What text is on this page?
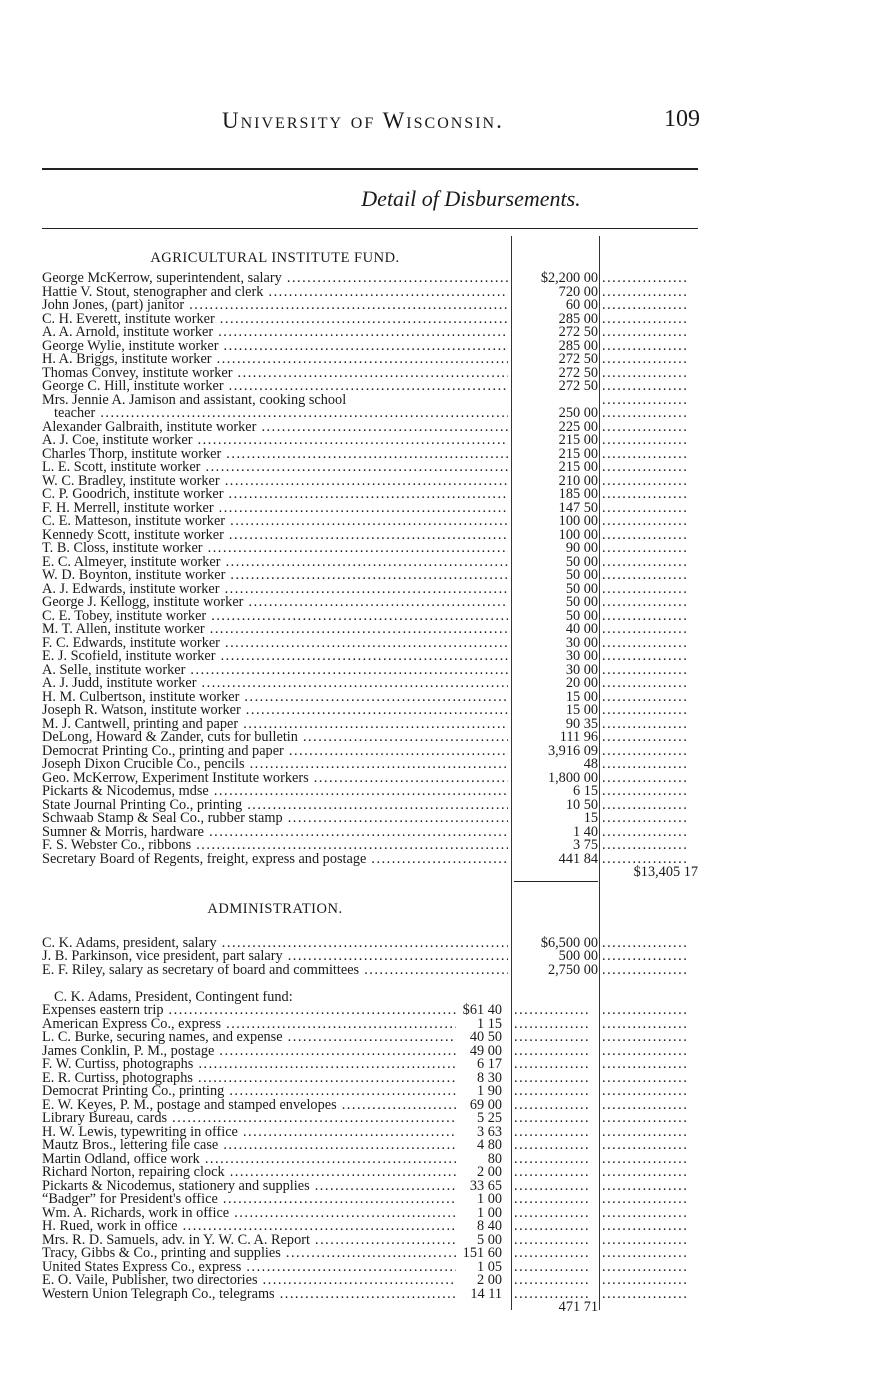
University of Wisconsin.	109
Detail of Disbursements.
AGRICULTURAL INSTITUTE FUND.
George McKerrow, superintendent, salary .....	$2,200 00 .................
Hattie V. Stout, stenographer and clerk .....	720 00 .................
John Jones, (part) janitor .....	60 00 .................
C. H. Everett, institute worker .....	285 00 .................
A. A. Arnold, institute worker .....	272 50 .................
George Wylie, institute worker .....	285 00 .................
H. A. Briggs, institute worker .....	272 50 .................
Thomas Convey, institute worker .....	272 50 .................
George C. Hill, institute worker .....	272 50 .................
Mrs. Jennie A. Jamison and assistant, cooking school	.................
teacher .....	250 00 .................
Alexander Galbraith, institute worker .....	225 00 .................
A. J. Coe, institute worker .....	215 00 .................
Charles Thorp, institute worker .....	215 00 .................
L. E. Scott, institute worker .....	215 00 .................
W. C. Bradley, institute worker .....	210 00 .................
C. P. Goodrich, institute worker .....	185 00 .................
F. H. Merrell, institute worker .....	147 50 .................
C. E. Matteson, institute worker .....	100 00 .................
Kennedy Scott, institute worker .....	100 00 .................
T. B. Closs, institute worker .....	90 00 .................
E. C. Almeyer, institute worker .....	50 00 .................
W. D. Boynton, institute worker .....	50 00 .................
A. J. Edwards, institute worker .....	50 00 .................
George J. Kellogg, institute worker .....	50 00 .................
C. E. Tobey, institute worker .....	50 00 .................
M. T. Allen, institute worker .....	40 00 .................
F. C. Edwards, institute worker .....	30 00 .................
E. J. Scofield, institute worker .....	30 00 .................
A. Selle, institute worker .....	30 00 .................
A. J. Judd, institute worker .....	20 00 .................
H. M. Culbertson, institute worker .....	15 00 .................
Joseph R. Watson, institute worker .....	15 00 .................
M. J. Cantwell, printing and paper .....	90 35 .................
DeLong, Howard & Zander, cuts for bulletin .....	111 96 .................
Democrat Printing Co., printing and paper .....	3,916 09 .................
Joseph Dixon Crucible Co., pencils .....	48 .................
Geo. McKerrow, Experiment Institute workers .....	1,800 00 .................
Pickarts & Nicodemus, mdse .....	6 15 .................
State Journal Printing Co., printing .....	10 50 .................
Schwaab Stamp & Seal Co., rubber stamp .....	15 .................
Sumner & Morris, hardware .....	1 40 .................
F. S. Webster Co., ribbons .....	3 75 .................
Secretary Board of Regents, freight, express and postage .....	441 84 .................
$13,405 17
ADMINISTRATION.
C. K. Adams, president, salary .....	$6,500 00 .................
J. B. Parkinson, vice president, part salary .....	500 00 .................
E. F. Riley, salary as secretary of board and committees .....	2,750 00 .................
C. K. Adams, President, Contingent fund:
Expenses eastern trip .....	$61 40 ............... .................
American Express Co., express .....	1 15 ............... .................
L. C. Burke, securing names, and expense .....	40 50 ............... .................
James Conklin, P. M., postage .....	49 00 ............... .................
F. W. Curtiss, photographs .....	6 17 ............... .................
E. R. Curtiss, photographs .....	8 30 ............... .................
Democrat Printing Co., printing .....	1 90 ............... .................
E. W. Keyes, P. M., postage and stamped envelopes .....	69 00 ............... .................
Library Bureau, cards .....	5 25 ............... .................
H. W. Lewis, typewriting in office .....	3 63 ............... .................
Mautz Bros., lettering file case .....	4 80 ............... .................
Martin Odland, office work .....	80 ............... .................
Richard Norton, repairing clock .....	2 00 ............... .................
Pickarts & Nicodemus, stationery and supplies .....	33 65 ............... .................
“Badger” for President's office .....	1 00 ............... .................
Wm. A. Richards, work in office .....	1 00 ............... .................
H. Rued, work in office .....	8 40 ............... .................
Mrs. R. D. Samuels, adv. in Y. W. C. A. Report .....	5 00 ............... .................
Tracy, Gibbs & Co., printing and supplies .....	151 60 ............... .................
United States Express Co., express .....	1 05 ............... .................
E. O. Vaile, Publisher, two directories .....	2 00 ............... .................
Western Union Telegraph Co., telegrams .....	14 11 ............... .................
471 71
